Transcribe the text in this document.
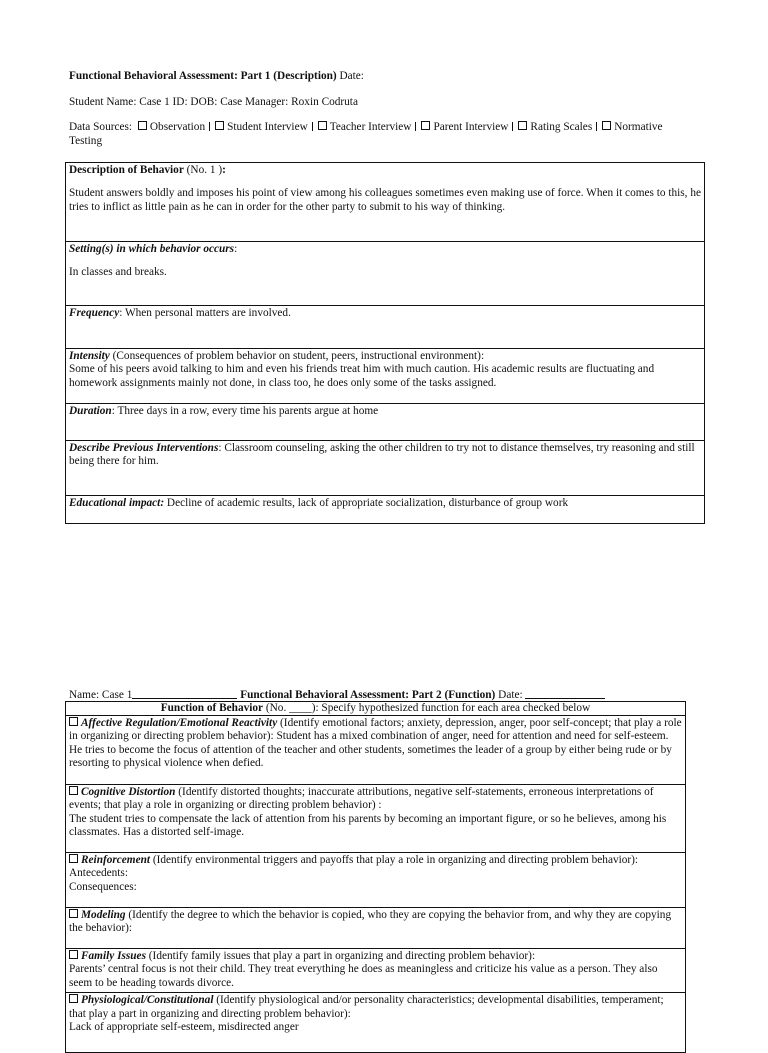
Functional Behavioral Assessment: Part 1 (Description) Date:
Student Name: Case 1 ID: DOB: Case Manager: Roxin Codruta
Data Sources: Observation Student Interview Teacher Interview Parent Interview Rating Scales Normative Testing
Description of Behavior (No. 1 ):
Student answers boldly and imposes his point of view among his colleagues sometimes even making use of force. When it comes to this, he tries to inflict as little pain as he can in order for the other party to submit to his way of thinking.

Setting(s) in which behavior occurs:
In classes and breaks.

Frequency: When personal matters are involved.

Intensity (Consequences of problem behavior on student, peers, instructional environment):
Some of his peers avoid talking to him and even his friends treat him with much caution. His academic results are fluctuating and homework assignments mainly not done, in class too, he does only some of the tasks assigned.

Duration: Three days in a row, every time his parents argue at home
Describe Previous Interventions: Classroom counseling, asking the other children to try not to distance themselves, try reasoning and still being there for him.
Educational impact: Decline of academic results, lack of appropriate socialization, disturbance of group work
Name: Case 1	Functional Behavioral Assessment: Part 2 (Function) Date:
Function of Behavior (No. ____): Specify hypothesized function for each area checked below
Affective Regulation/Emotional Reactivity (Identify emotional factors; anxiety, depression, anger, poor self-concept; that play a role in organizing or directing problem behavior): Student has a mixed combination of anger, need for attention and need for self-esteem. He tries to become the focus of attention of the teacher and other students, sometimes the leader of a group by either being rude or by resorting to physical violence when defied.

Cognitive Distortion (Identify distorted thoughts; inaccurate attributions, negative self-statements, erroneous interpretations of events; that play a role in organizing or directing problem behavior) :
The student tries to compensate the lack of attention from his parents by becoming an important figure, or so he believes, among his classmates. Has a distorted self-image.

Reinforcement (Identify environmental triggers and payoffs that play a role in organizing and directing problem behavior):
Antecedents:
Consequences:

Modeling (Identify the degree to which the behavior is copied, who they are copying the behavior from, and why they are copying the behavior):

Family Issues (Identify family issues that play a part in organizing and directing problem behavior):
Parents’ central focus is not their child. They treat everything he does as meaningless and criticize his value as a person. They also seem to be heading towards divorce.

Physiological/Constitutional (Identify physiological and/or personality characteristics; developmental disabilities, temperament; that play a part in organizing and directing problem behavior):
Lack of appropriate self-esteem, misdirected anger
